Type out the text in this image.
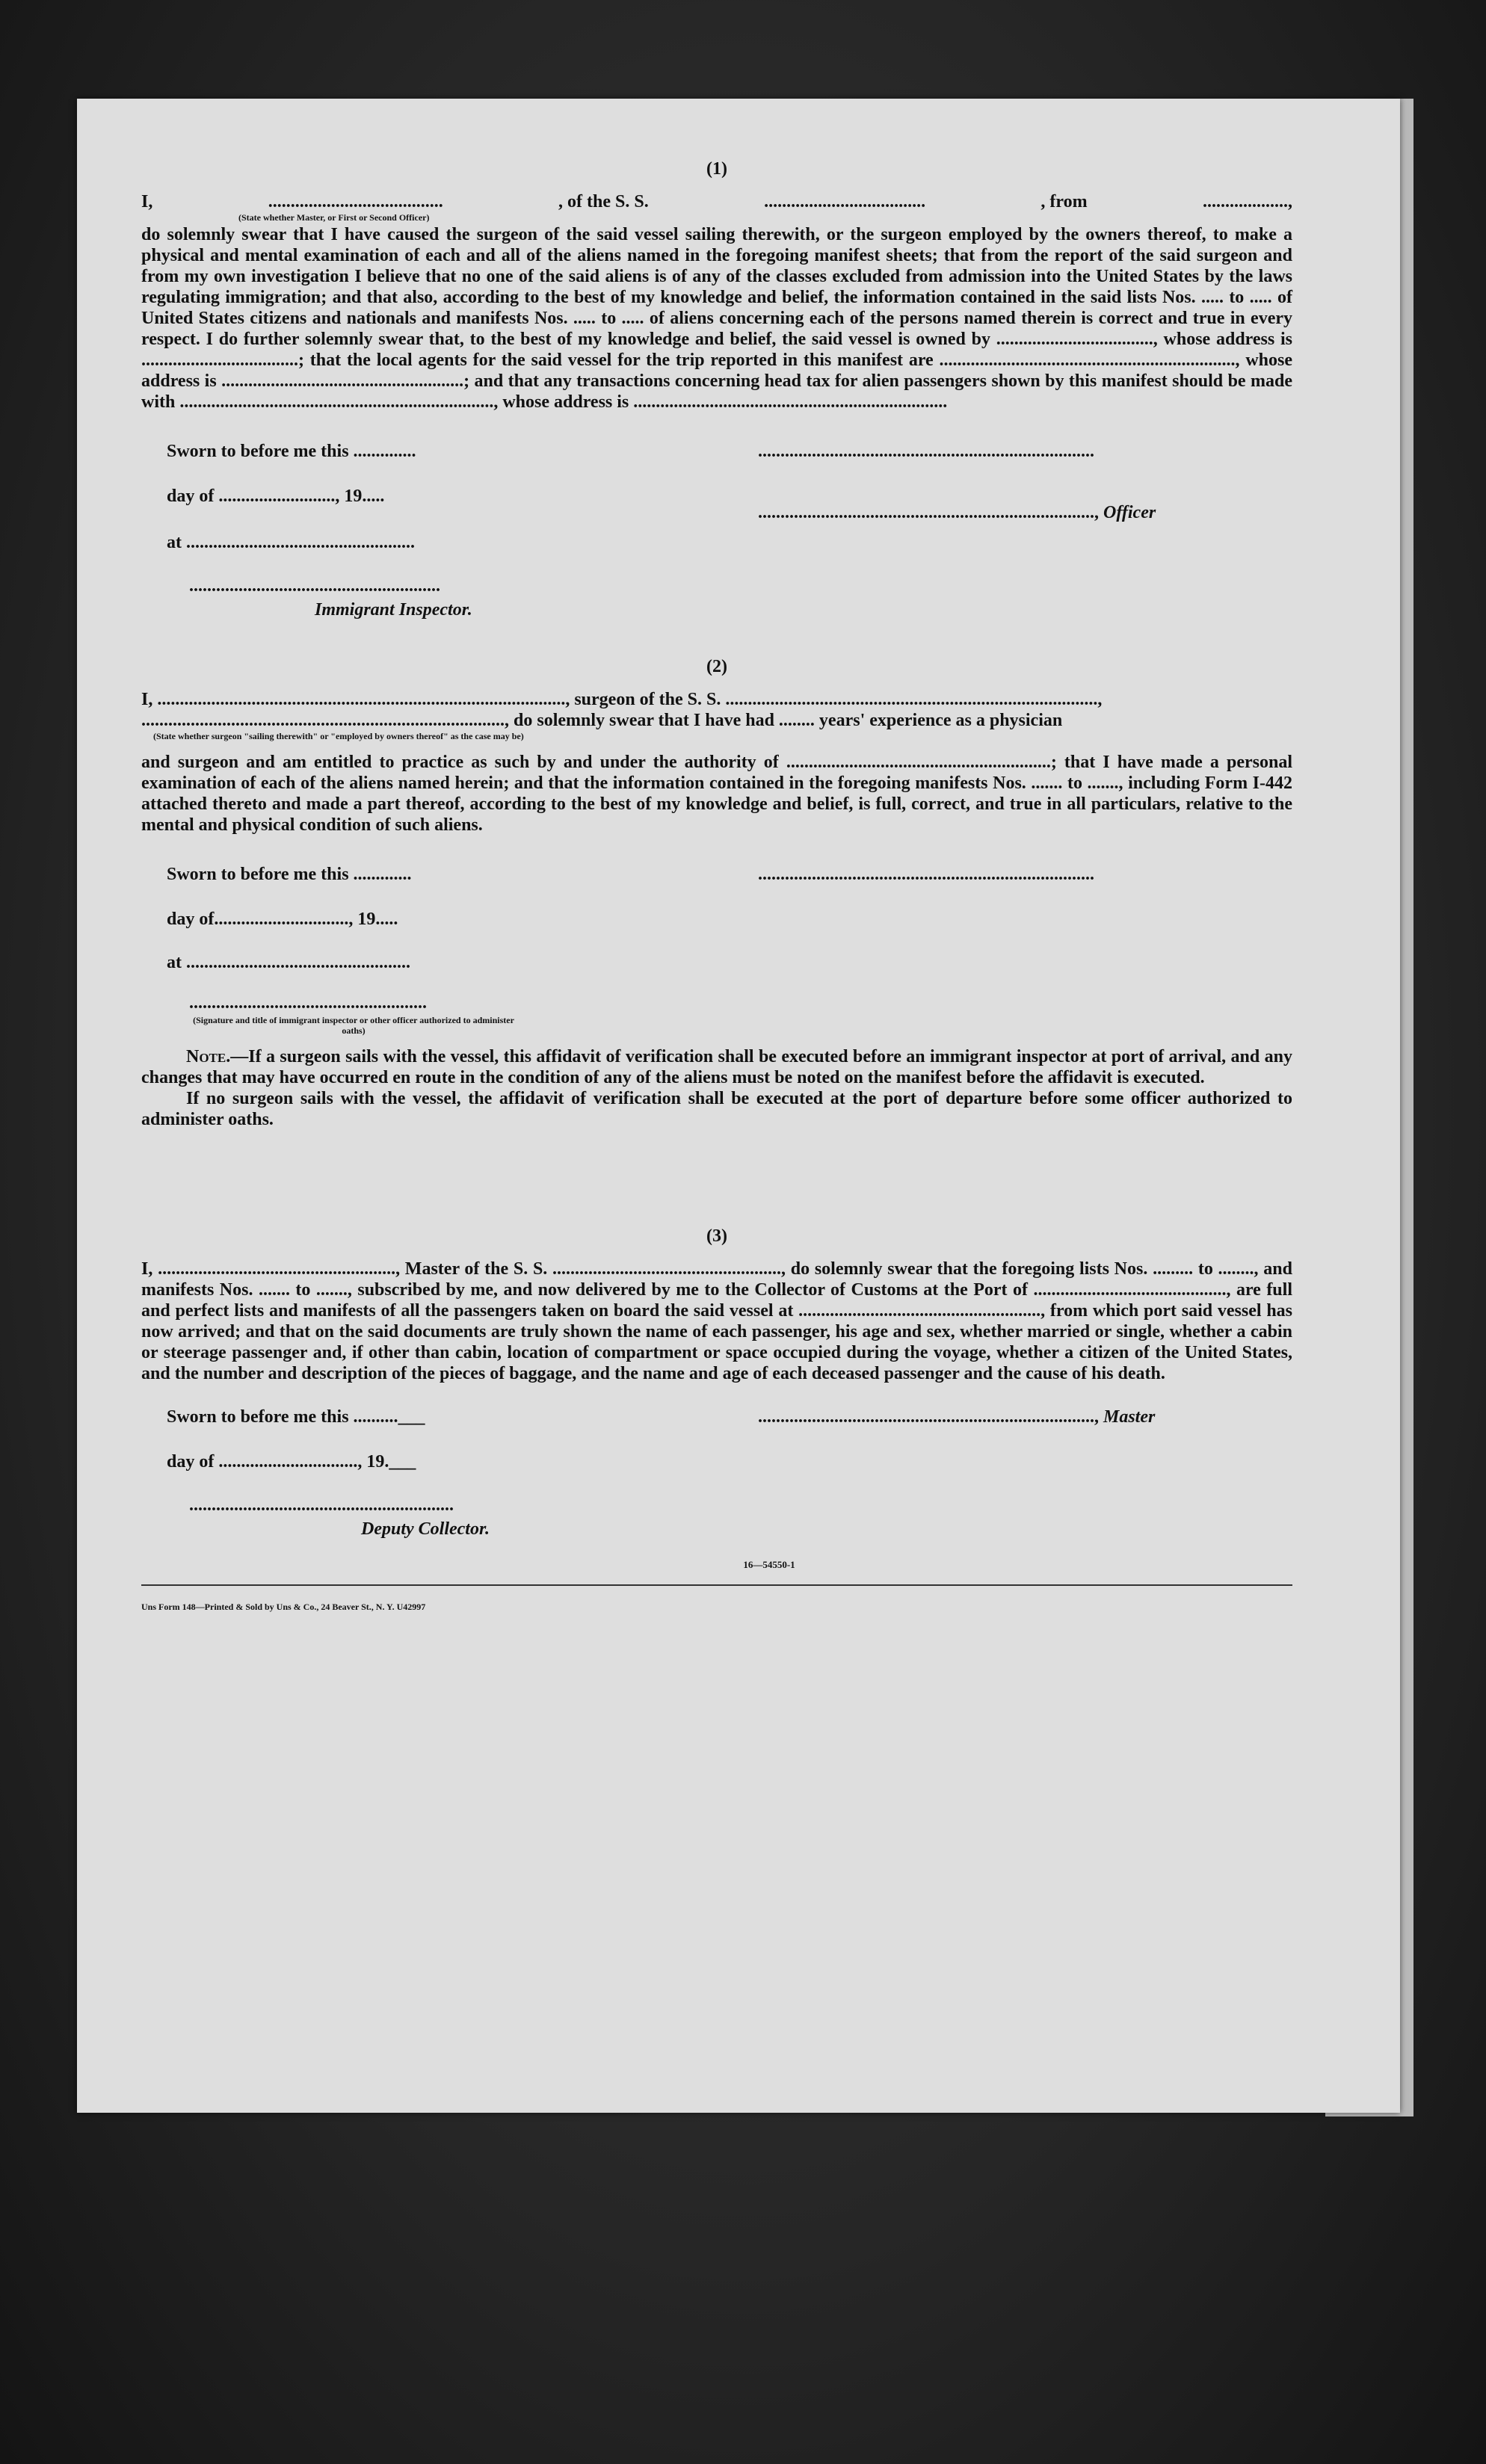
(1)
I,	.......................................	, of the S. S.	....................................	, from	...................,
(State whether Master, or First or Second Officer)

do solemnly swear that I have caused the surgeon of the said vessel sailing therewith, or the surgeon employed by the owners thereof, to make a physical and mental examination of each and all of the aliens named in the foregoing manifest sheets; that from the report of the said surgeon and from my own investigation I believe that no one of the said aliens is of any of the classes excluded from admission into the United States by the laws regulating immigration; and that also, according to the best of my knowledge and belief, the information contained in the said lists Nos. ..... to ..... of United States citizens and nationals and manifests Nos. ..... to ..... of aliens concerning each of the persons named therein is correct and true in every respect. I do further solemnly swear that, to the best of my knowledge and belief, the said vessel is owned by ..................................., whose address is ...................................; that the local agents for the said vessel for the trip reported in this manifest are .................................................................., whose address is ......................................................; and that any transactions concerning head tax for alien passengers shown by this manifest should be made with ......................................................................, whose address is ......................................................................

Sworn to before me this ..............	...........................................................................
day of .........................., 19.....
..........................................................................., Officer
at ...................................................
........................................................
Immigrant Inspector.
(2)
I, ..........................................................................................., surgeon of the S. S. ...................................................................................,
................................................................................., do solemnly swear that I have had ........ years' experience as a physician
(State whether surgeon "sailing therewith" or "employed by owners thereof" as the case may be)

and surgeon and am entitled to practice as such by and under the authority of ...........................................................; that I have made a personal examination of each of the aliens named herein; and that the information contained in the foregoing manifests Nos. ....... to ......., including Form I-442 attached thereto and made a part thereof, according to the best of my knowledge and belief, is full, correct, and true in all particulars, relative to the mental and physical condition of such aliens.

Sworn to before me this .............	...........................................................................
day of.............................., 19.....
at ..................................................
.....................................................
(Signature and title of immigrant inspector or other officer authorized to administer oaths)

Note.—If a surgeon sails with the vessel, this affidavit of verification shall be executed before an immigrant inspector at port of arrival, and any changes that may have occurred en route in the condition of any of the aliens must be noted on the manifest before the affidavit is executed.

If no surgeon sails with the vessel, the affidavit of verification shall be executed at the port of departure before some officer authorized to administer oaths.

(3)

I, ....................................................., Master of the S. S. ..................................................., do solemnly swear that the foregoing lists Nos. ......... to ........, and manifests Nos. ....... to ......., subscribed by me, and now delivered by me to the Collector of Customs at the Port of ..........................................., are full and perfect lists and manifests of all the passengers taken on board the said vessel at ......................................................, from which port said vessel has now arrived; and that on the said documents are truly shown the name of each passenger, his age and sex, whether married or single, whether a cabin or steerage passenger and, if other than cabin, location of compartment or space occupied during the voyage, whether a citizen of the United States, and the number and description of the pieces of baggage, and the name and age of each deceased passenger and the cause of his death.

Sworn to before me this ..........___	..........................................................................., Master
day of ..............................., 19.___
...........................................................
Deputy Collector.
16—54550-1
Uns Form 148—Printed & Sold by Uns & Co., 24 Beaver St., N. Y. U42997
